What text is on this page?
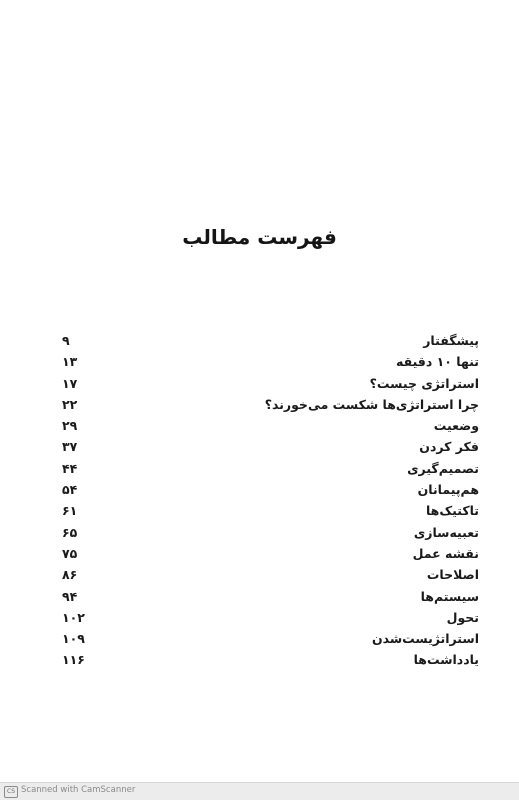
فهرست مطالب
پیشگفتار
۹
تنها ۱۰ دقیقه
۱۳
استراتژی چیست؟
۱۷
چرا استراتژی‌ها شکست می‌خورند؟
۲۲
وضعیت
۲۹
فکر کردن
۳۷
تصمیم‌گیری
۴۴
هم‌پیمانان
۵۴
تاکتیک‌ها
۶۱
تعبیه‌سازی
۶۵
نقشه عمل
۷۵
اصلاحات
۸۶
سیستم‌ها
۹۴
تحول
۱۰۲
استراتژیست‌شدن
۱۰۹
یادداشت‌ها
۱۱۶
CS Scanned with CamScanner
